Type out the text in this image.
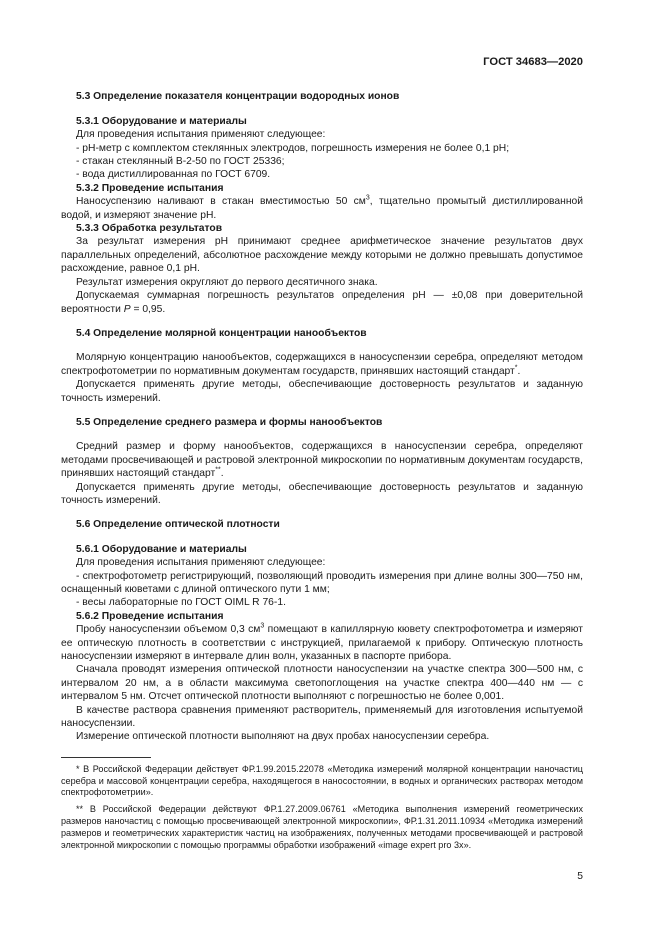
ГОСТ 34683—2020

5.3 Определение показателя концентрации водородных ионов

5.3.1 Оборудование и материалы

Для проведения испытания применяют следующее:

- pH-метр с комплектом стеклянных электродов, погрешность измерения не более 0,1 pH;

- стакан стеклянный В-2-50 по ГОСТ 25336;

- вода дистиллированная по ГОСТ 6709.

5.3.2 Проведение испытания

Наносуспензию наливают в стакан вместимостью 50 $см^3$, тщательно промытый дистиллированной водой, и измеряют значение pH.

5.3.3 Обработка результатов

За результат измерения pH принимают среднее арифметическое значение результатов двух параллельных определений, абсолютное расхождение между которыми не должно превышать допустимое расхождение, равное 0,1 pH.

Результат измерения округляют до первого десятичного знака.

Допускаемая суммарная погрешность результатов определения pH — ±0,08 при доверительной вероятности P = 0,95.

5.4 Определение молярной концентрации нанообъектов

Молярную концентрацию нанообъектов, содержащихся в наносуспензии серебра, определяют методом спектрофотометрии по нормативным документам государств, принявших настоящий стандарт*.

Допускается применять другие методы, обеспечивающие достоверность результатов и заданную точность измерений.

5.5 Определение среднего размера и формы нанообъектов

Средний размер и форму нанообъектов, содержащихся в наносуспензии серебра, определяют методами просвечивающей и растровой электронной микроскопии по нормативным документам государств, принявших настоящий стандарт**.

Допускается применять другие методы, обеспечивающие достоверность результатов и заданную точность измерений.

5.6 Определение оптической плотности

5.6.1 Оборудование и материалы

Для проведения испытания применяют следующее:

- спектрофотометр регистрирующий, позволяющий проводить измерения при длине волны 300—750 нм, оснащенный кюветами с длиной оптического пути 1 мм;

- весы лабораторные по ГОСТ OIML R 76-1.

5.6.2 Проведение испытания

Пробу наносуспензии объемом 0,3 $см^3$ помещают в капиллярную кювету спектрофотометра и измеряют ее оптическую плотность в соответствии с инструкцией, прилагаемой к прибору. Оптическую плотность наносуспензии измеряют в интервале длин волн, указанных в паспорте прибора.

Сначала проводят измерения оптической плотности наносуспензии на участке спектра 300—500 нм, с интервалом 20 нм, а в области максимума светопоглощения на участке спектра 400—440 нм — с интервалом 5 нм. Отсчет оптической плотности выполняют с погрешностью не более 0,001.

В качестве раствора сравнения применяют растворитель, применяемый для изготовления испытуемой наносуспензии.

Измерение оптической плотности выполняют на двух пробах наносуспензии серебра.

* В Российской Федерации действует ФР.1.99.2015.22078 «Методика измерений молярной концентрации наночастиц серебра и массовой концентрации серебра, находящегося в наносостоянии, в водных и органических растворах методом спектрофотометрии».

** В Российской Федерации действуют ФР.1.27.2009.06761 «Методика выполнения измерений геометрических размеров наночастиц с помощью просвечивающей электронной микроскопии», ФР.1.31.2011.10934 «Методика измерений размеров и геометрических характеристик частиц на изображениях, полученных методами просвечивающей и растровой электронной микроскопии с помощью программы обработки изображений «image expert pro 3x».

5
